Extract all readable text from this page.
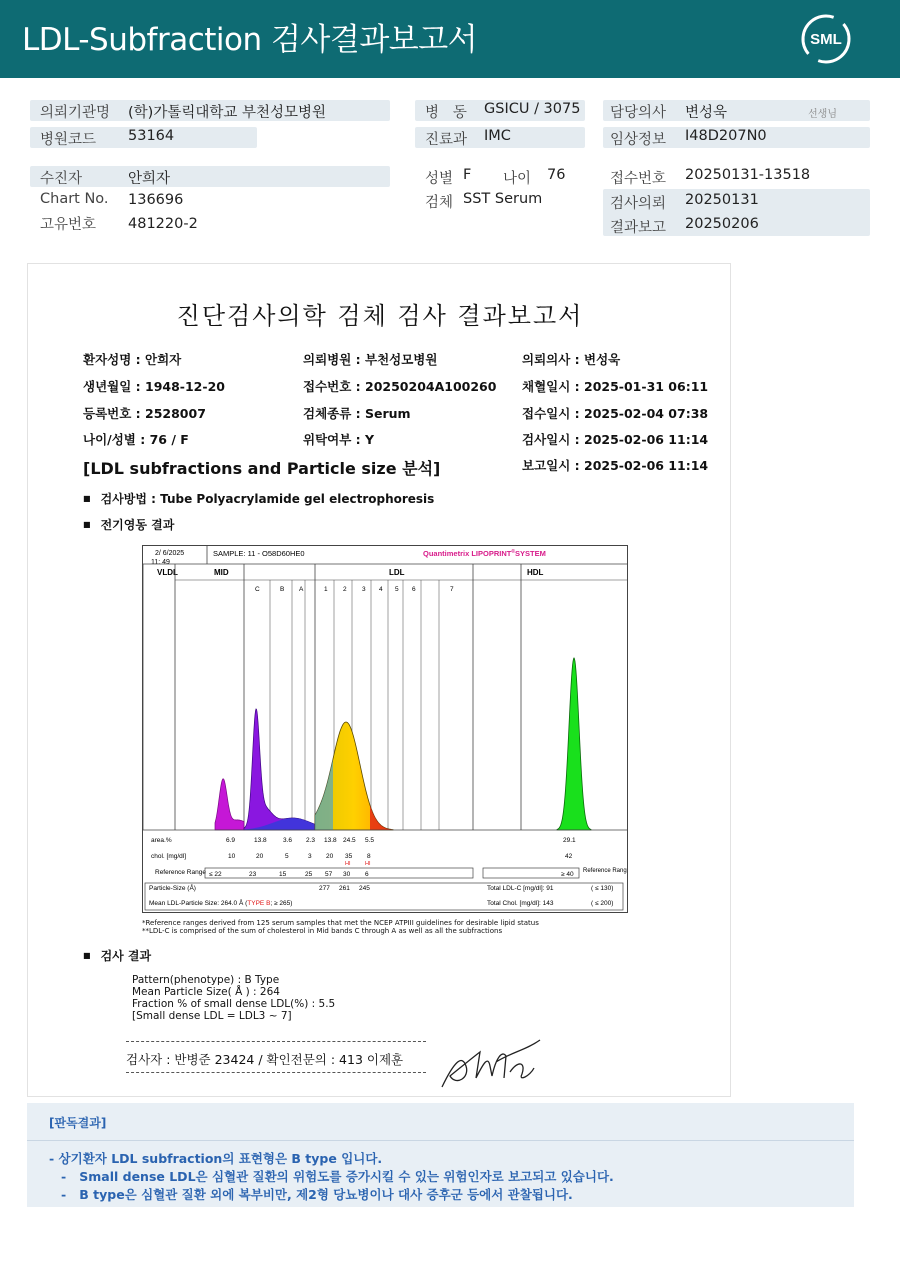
LDL-Subfraction 검사결과보고서	SML
의뢰기관명 (학)가톨릭대학교 부천성모병원
병원코드 53164
병   동 GSICU / 3075
진료과 IMC
담당의사 변성욱	선생님
임상정보 I48D207N0
수진자	안희자
Chart No. 136696
고유번호 481220-2
성별 F 나이 76
검체 SST Serum
접수번호 20250131-13518
검사의뢰 20250131
결과보고 20250206
진단검사의학 검체 검사 결과보고서
환자성명 : 안희자	의뢰병원 : 부천성모병원	의뢰의사 : 변성욱
생년월일 : 1948-12-20	접수번호 : 20250204A100260 채혈일시 : 2025-01-31 06:11
등록번호 : 2528007	검체종류 : Serum	접수일시 : 2025-02-04 07:38
나이/성별 : 76 / F	위탁여부 : Y	검사일시 : 2025-02-06 11:14
[LDL subfractions and Particle size 분석]	보고일시 : 2025-02-06 11:14
■ 검사방법 : Tube Polyacrylamide gel electrophoresis
■ 전기영동 결과
2/ 6/2025
11: 49
SAMPLE: 11 - O58D60HE0	Quantimetrix LIPOPRINT®SYSTEM
VLDL	MID	LDL	HDL
C	B A	1 2 3 4 5 6	7
area.%	6.9	13.8	3.6 2.3 13.8 24.5 5.5	29.1
chol. [mg/dl]	10	20	5	3 20 35 8	42
HI	HI
Reference Range ≤ 22	23	15	25 57 30 6	≥ 40 Reference Range
Particle-Size (Å)	277 261 245	Total LDL-C [mg/dl]: 91	( ≤ 130)
Mean LDL-Particle Size: 264.0 Å (TYPE B; ≥ 265)	Total Chol. [mg/dl]: 143	( ≤ 200)
*Reference ranges derived from 125 serum samples that met the NCEP ATPIII guidelines for desirable lipid status
**LDL-C is comprised of the sum of cholesterol in Mid bands C through A as well as all the subfractions
■ 검사 결과
Pattern(phenotype) : B Type
Mean Particle Size( Å ) : 264
Fraction % of small dense LDL(%) : 5.5
[Small dense LDL = LDL3 ~ 7]
검사자 : 반병준 23424 / 확인전문의 : 413 이제훈
[판독결과]
- 상기환자 LDL subfraction의 표현형은 B type 입니다.
-   Small dense LDL은 심혈관 질환의 위험도를 증가시킬 수 있는 위험인자로 보고되고 있습니다.
-   B type은 심혈관 질환 외에 복부비만, 제2형 당뇨병이나 대사 증후군 등에서 관찰됩니다.
